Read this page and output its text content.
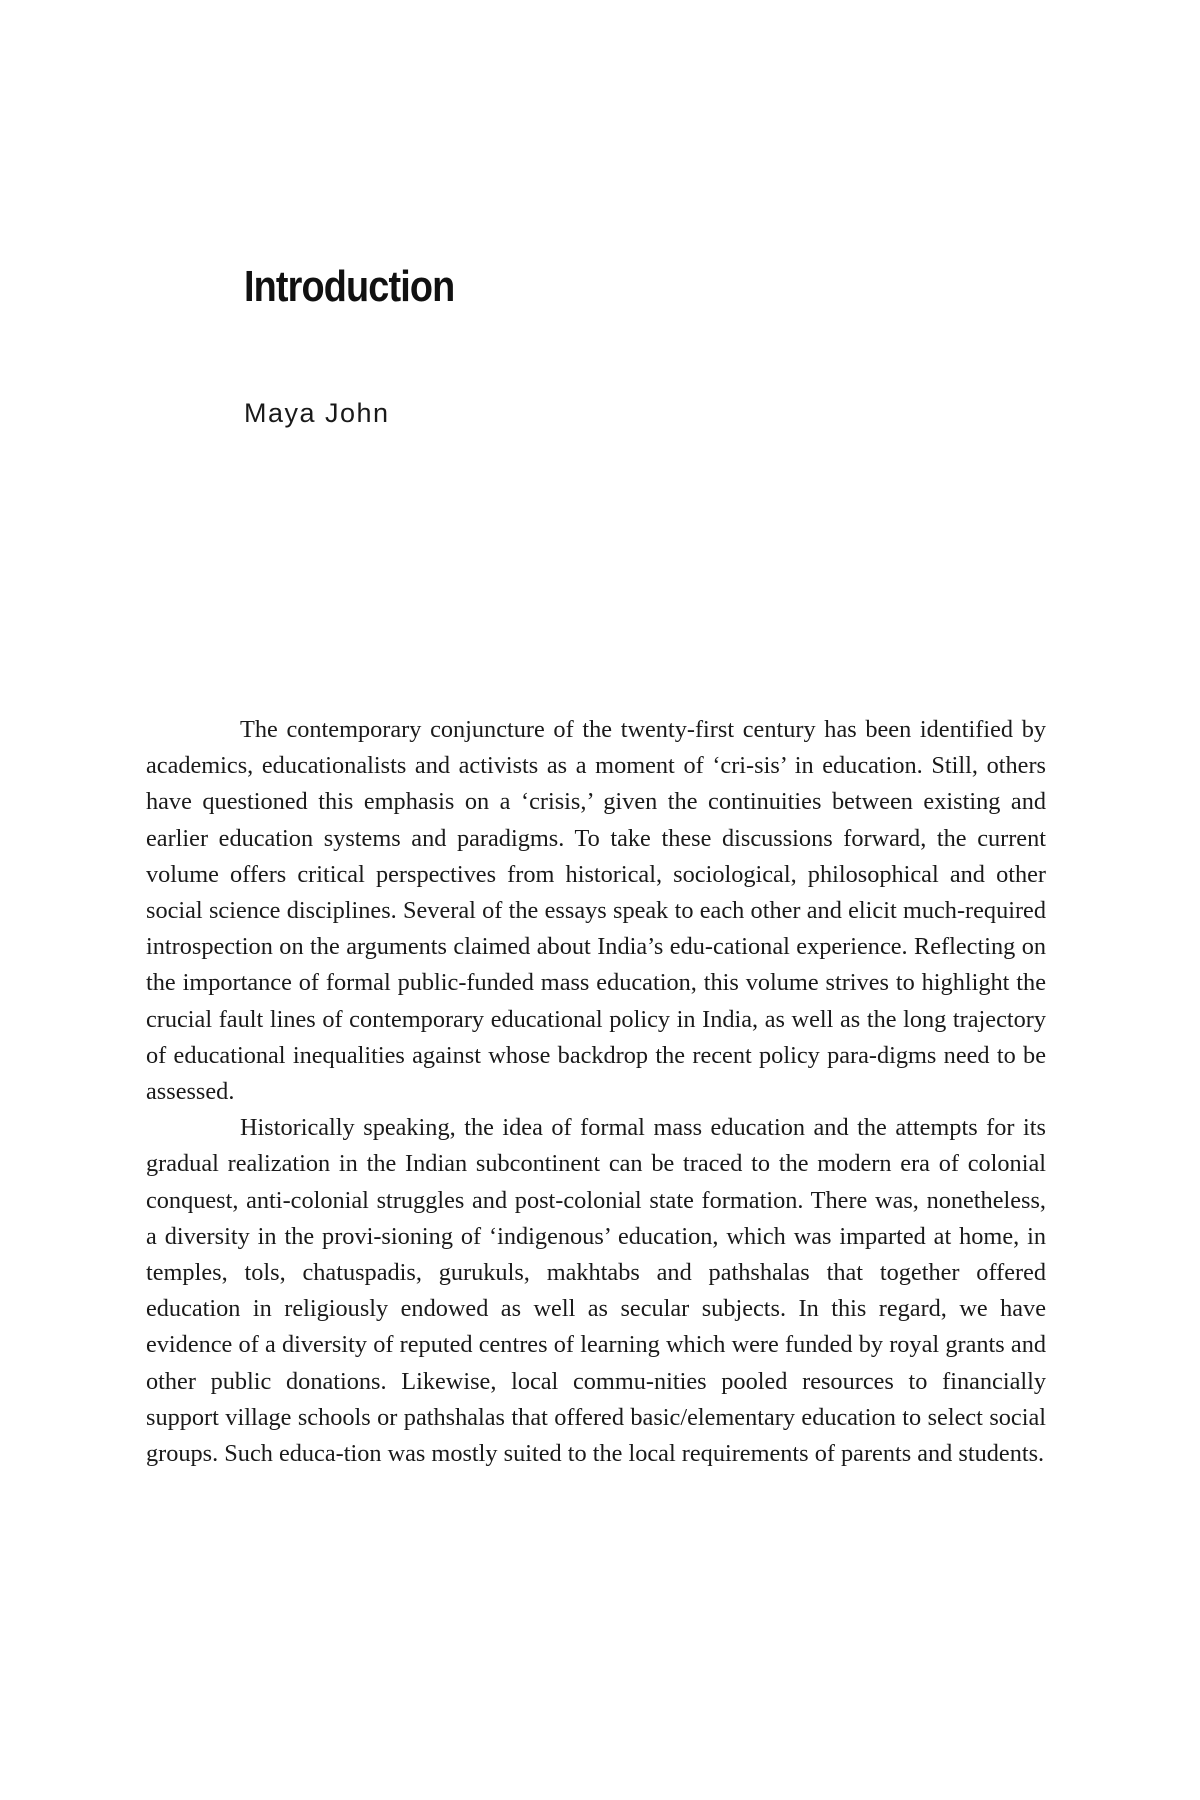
Introduction
Maya John

The contemporary conjuncture of the twenty-first century has been identified by academics, educationalists and activists as a moment of ‘cri-sis’ in education. Still, others have questioned this emphasis on a ‘crisis,’ given the continuities between existing and earlier education systems and paradigms. To take these discussions forward, the current volume offers critical perspectives from historical, sociological, philosophical and other social science disciplines. Several of the essays speak to each other and elicit much-required introspection on the arguments claimed about India’s edu-cational experience. Reflecting on the importance of formal public-funded mass education, this volume strives to highlight the crucial fault lines of contemporary educational policy in India, as well as the long trajectory of educational inequalities against whose backdrop the recent policy para-digms need to be assessed.

Historically speaking, the idea of formal mass education and the attempts for its gradual realization in the Indian subcontinent can be traced to the modern era of colonial conquest, anti-colonial struggles and post-colonial state formation. There was, nonetheless, a diversity in the provi-sioning of ‘indigenous’ education, which was imparted at home, in temples, tols, chatuspadis, gurukuls, makhtabs and pathshalas that together offered education in religiously endowed as well as secular subjects. In this regard, we have evidence of a diversity of reputed centres of learning which were funded by royal grants and other public donations. Likewise, local commu-nities pooled resources to financially support village schools or pathshalas that offered basic/elementary education to select social groups. Such educa-tion was mostly suited to the local requirements of parents and students.
